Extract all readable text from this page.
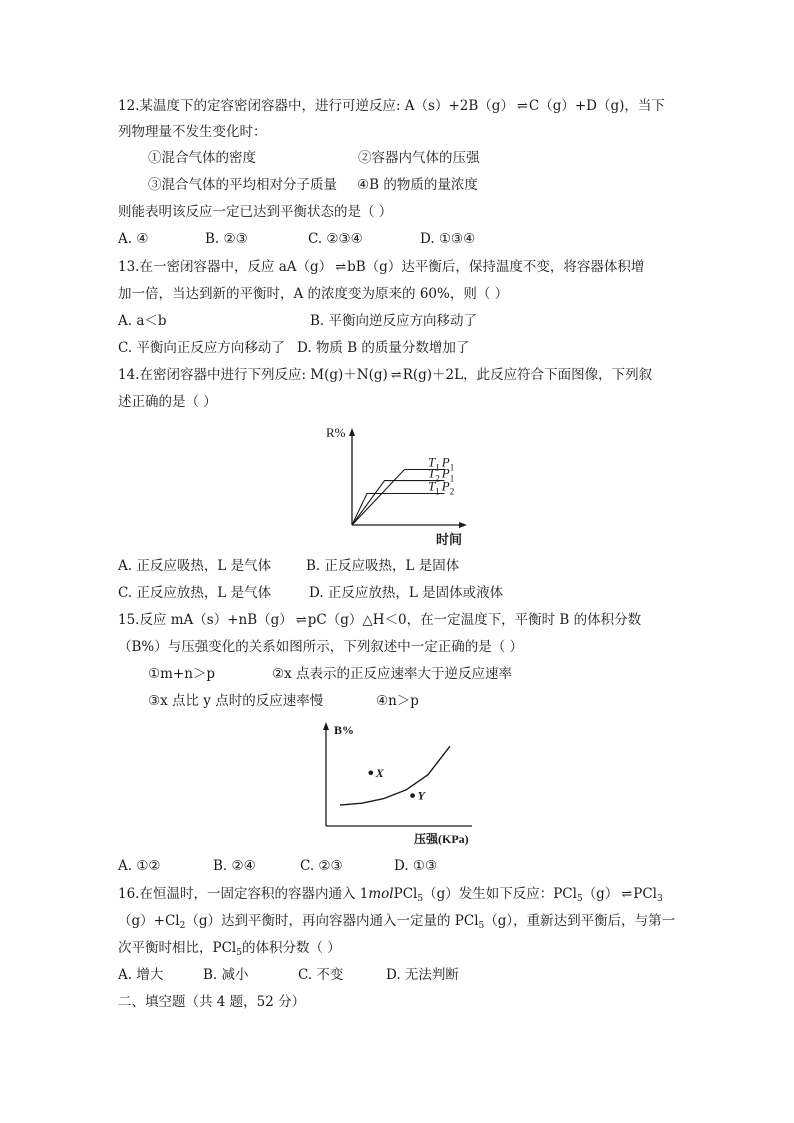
12.某温度下的定容密闭容器中，进行可逆反应: A（s）+2B（g） ⇌ C（g）+D（g)，当下
列物理量不发生变化时：
①混合气体的密度	②容器内气体的压强
③混合气体的平均相对分子质量 ④B 的物质的量浓度
则能表明该反应一定已达到平衡状态的是（ ）
A. ④	B. ②③	C. ②③④	D. ①③④
13.在一密闭容器中，反应 aA（g） ⇌ bB（g）达平衡后，保持温度不变，将容器体积增
加一倍，当达到新的平衡时，A 的浓度变为原来的 60%，则（ ）
A. a＜b	B. 平衡向逆反应方向移动了
C. 平衡向正反应方向移动了 D. 物质 B 的质量分数增加了
14.在密闭容器中进行下列反应: M(g)＋N(g) ⇌ R(g)＋2L，此反应符合下面图像，下列叙
述正确的是（ ）
R%
时间
$T_1$ $P_1$
$T_2$ $P_1$
$T_1$ $P_2$
A. 正反应吸热，L 是气体	B. 正反应吸热，L 是固体
C. 正反应放热，L 是气体	D. 正反应放热，L 是固体或液体
15.反应 mA（s）+nB（g） ⇌ pC（g）△H＜0，在一定温度下，平衡时 B 的体积分数
（B%）与压强变化的关系如图所示，下列叙述中一定正确的是（ ）
①m+n＞p	②x 点表示的正反应速率大于逆反应速率
③x 点比 y 点时的反应速率慢	④n＞p
B%
压强(KPa)
X
Y
A. ①②	B. ②④	C. ②③	D. ①③
16.在恒温时，一固定容积的容器内通入 1molPCl$_5$（g）发生如下反应：PCl$_5$（g） ⇌ PCl$_3$
$(g)+Cl_2(g)$达到平衡时，再向容器内通入一定量的 PCl$_5$（g），重新达到平衡后，与第一
次平衡时相比，PCl$_5$的体积分数（ ）
A. 增大	B. 减小	C. 不变	D. 无法判断
二、填空题（共 4 题，52 分）
